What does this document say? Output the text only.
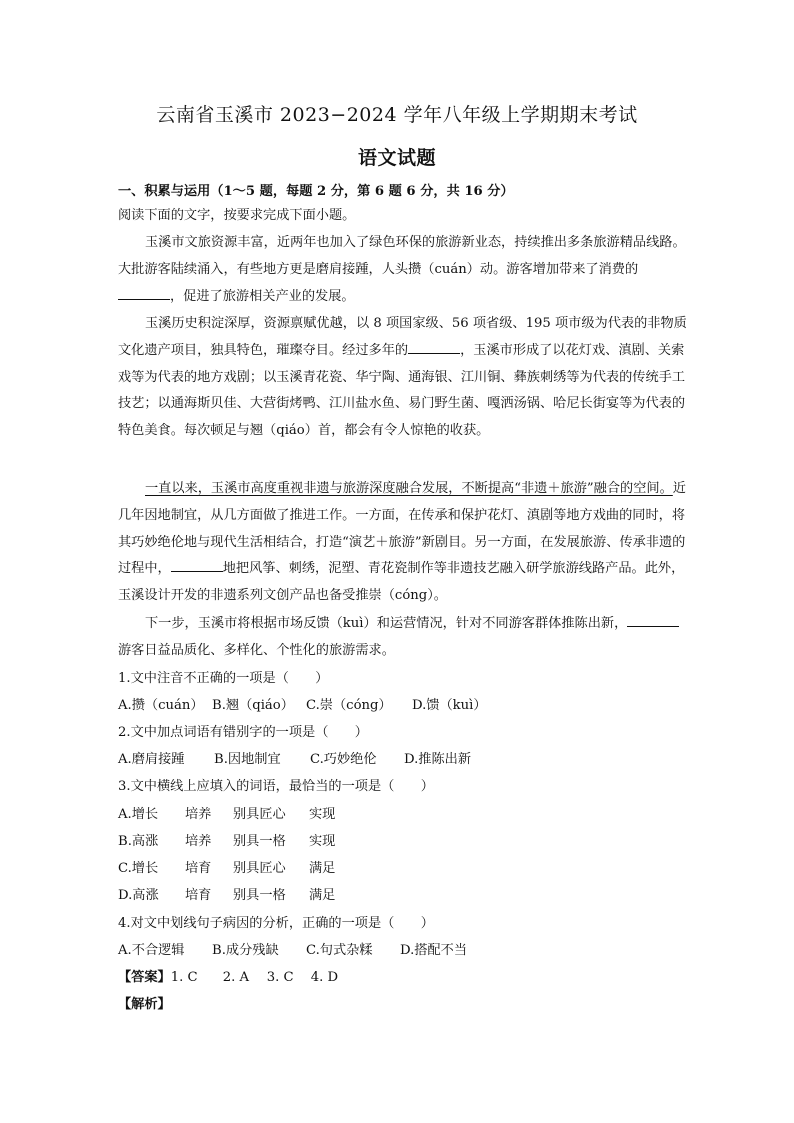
云南省玉溪市 2023−2024 学年八年级上学期期末考试
语文试题
一、积累与运用（1～5 题，每题 2 分，第 6 题 6 分，共 16 分）
阅读下面的文字，按要求完成下面小题。
玉溪市文旅资源丰富，近两年也加入了绿色环保的旅游新业态，持续推出多条旅游精品线路。大批游客陆续涌入，有些地方更是磨肩接踵，人头攒（cuán）动。游客增加带来了消费的，促进了旅游相关产业的发展。
玉溪历史积淀深厚，资源禀赋优越，以 8 项国家级、56 项省级、195 项市级为代表的非物质文化遗产项目，独具特色，璀璨夺目。经过多年的	，玉溪市形成了以花灯戏、滇剧、关索戏等为代表的地方戏剧；以玉溪青花瓷、华宁陶、通海银、江川铜、彝族刺绣等为代表的传统手工技艺；以通海斯贝佳、大营街烤鸭、江川盐水鱼、易门野生菌、嘎洒汤锅、哈尼长街宴等为代表的特色美食。每次顿足与翘（qiáo）首，都会有令人惊艳的收获。
一直以来，玉溪市高度重视非遗与旅游深度融合发展，不断提高“非遗＋旅游”融合的空间。近几年因地制宜，从几方面做了推进工作。一方面，在传承和保护花灯、滇剧等地方戏曲的同时，将其巧妙绝伦地与现代生活相结合，打造“演艺＋旅游”新剧目。另一方面，在发展旅游、传承非遗的过程中，	地把风筝、刺绣，泥塑、青花瓷制作等非遗技艺融入研学旅游线路产品。此外，玉溪设计开发的非遗系列文创产品也备受推崇（cóng）。
下一步，玉溪市将根据市场反馈（kuì）和运营情况，针对不同游客群体推陈出新，游客日益品质化、多样化、个性化的旅游需求。
1.文中注音不正确的一项是（　　）
A.攒（cuán） B.翘（qiáo） C.崇（cóng） D.馈（kuì）
2.文中加点词语有错别字的一项是（　　）
A.磨肩接踵 B.因地制宜 C.巧妙绝伦 D.推陈出新
3.文中横线上应填入的词语，最恰当的一项是（　　）
A.增长 培养 别具匠心 实现
B.高涨 培养 别具一格 实现
C.增长 培育 别具匠心 满足
D.高涨 培育 别具一格 满足
4.对文中划线句子病因的分析，正确的一项是（　　）
A.不合逻辑 B.成分残缺 C.句式杂糅 D.搭配不当
【答案】1. C 2. A 3. C 4. D
【解析】
